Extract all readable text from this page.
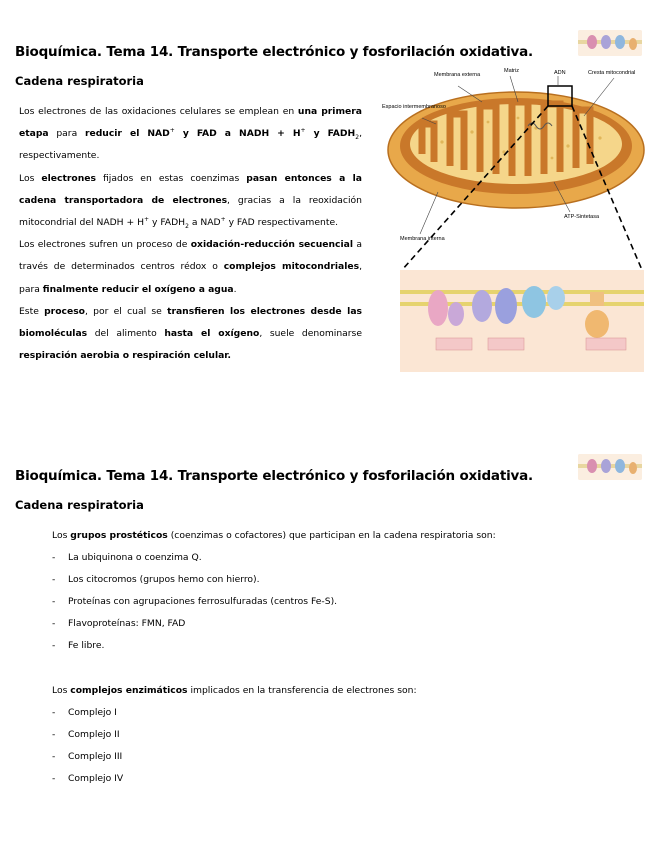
Bioquímica. Tema 14. Transporte electrónico y fosforilación oxidativa.
Cadena respiratoria

Los electrones de las oxidaciones celulares se emplean en una primera etapa para reducir el NAD+ y FAD a NADH + H+ y $FADH_2$, respectivamente.

Los electrones fijados en estas coenzimas pasan entonces a la cadena transportadora de electrones, gracias a la reoxidación mitocondrial del NADH + H+ y $FADH_2$ a NAD+ y FAD respectivamente.

Los electrones sufren un proceso de oxidación-reducción secuencial a través de determinados centros rédox o complejos mitocondriales, para finalmente reducir el oxígeno a agua.

Este proceso, por el cual se transfieren los electrones desde las biomoléculas del alimento hasta el oxígeno, suele denominarse respiración aerobia o respiración celular.

Membrana externa
Matriz	ADN	Cresta mitocondrial
Espacio intermembranoso
ATP-Sintetasa
Membrana interna
Bioquímica. Tema 14. Transporte electrónico y fosforilación oxidativa.
Cadena respiratoria
Los grupos prostéticos (coenzimas o cofactores) que participan en la cadena respiratoria son:
- La ubiquinona o coenzima Q.
- Los citocromos (grupos hemo con hierro).
- Proteínas con agrupaciones ferrosulfuradas (centros Fe-S).
- Flavoproteínas: FMN, FAD
- Fe libre.
Los complejos enzimáticos implicados en la transferencia de electrones son:
- Complejo I
- Complejo II
- Complejo III
- Complejo IV
